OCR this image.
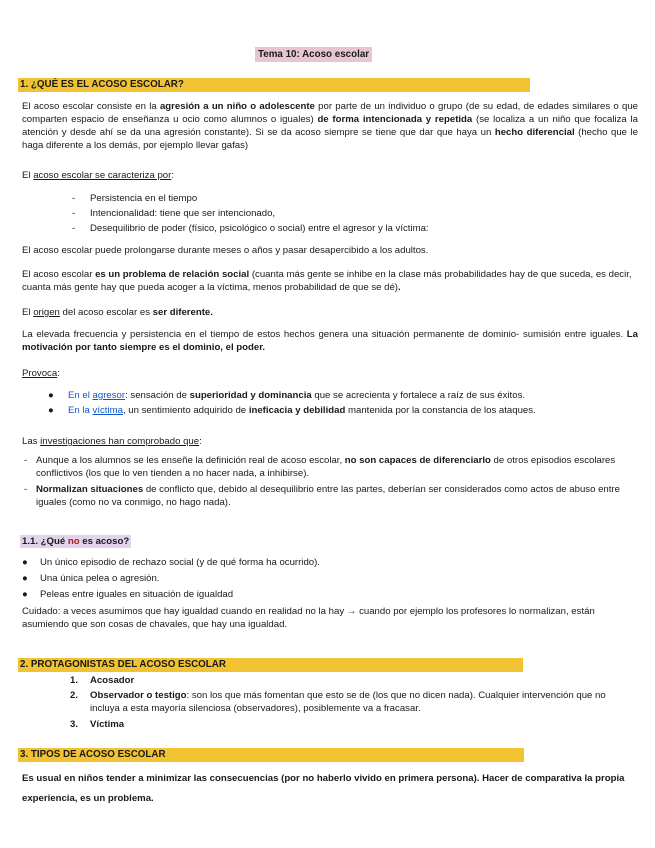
Tema 10: Acoso escolar
1. ¿QUÉ ES EL ACOSO ESCOLAR?
El acoso escolar consiste en la agresión a un niño o adolescente por parte de un individuo o grupo (de su edad, de edades similares o que comparten espacio de enseñanza u ocio como alumnos o iguales) de forma intencionada y repetida (se localiza a un niño que focaliza la atención y desde ahí se da una agresión constante). Si se da acoso siempre se tiene que dar que haya un hecho diferencial (hecho que le haga diferente a los demás, por ejemplo llevar gafas)
El acoso escolar se caracteriza por:
- Persistencia en el tiempo
- Intencionalidad: tiene que ser intencionado,
- Desequilibrio de poder (físico, psicológico o social) entre el agresor y la víctima:
El acoso escolar puede prolongarse durante meses o años y pasar desapercibido a los adultos.
El acoso escolar es un problema de relación social (cuanta más gente se inhibe en la clase más probabilidades hay de que suceda, es decir, cuanta más gente hay que pueda acoger a la víctima, menos probabilidad de que se dé).
El origen del acoso escolar es ser diferente.
La elevada frecuencia y persistencia en el tiempo de estos hechos genera una situación permanente de dominio- sumisión entre iguales. La motivación por tanto siempre es el dominio, el poder.
Provoca:
● En el agresor: sensación de superioridad y dominancia que se acrecienta y fortalece a raíz de sus éxitos.
● En la víctima, un sentimiento adquirido de ineficacia y debilidad mantenida por la constancia de los ataques.
Las investigaciones han comprobado que:
- Aunque a los alumnos se les enseñe la definición real de acoso escolar, no son capaces de diferenciarlo de otros episodios escolares conflictivos (los que lo ven tienden a no hacer nada, a inhibirse).
- Normalizan situaciones de conflicto que, debido al desequilibrio entre las partes, deberían ser considerados como actos de abuso entre iguales (como no va conmigo, no hago nada).
1.1. ¿Qué no es acoso?
● Un único episodio de rechazo social (y de qué forma ha ocurrido).
● Una única pelea o agresión.
● Peleas entre iguales en situación de igualdad
Cuidado: a veces asumimos que hay igualdad cuando en realidad no la hay → cuando por ejemplo los profesores lo normalizan, están asumiendo que son cosas de chavales, que hay una igualdad.
2. PROTAGONISTAS DEL ACOSO ESCOLAR
1. Acosador
2. Observador o testigo: son los que más fomentan que esto se de (los que no dicen nada). Cualquier intervención que no incluya a esta mayoría silenciosa (observadores), posiblemente va a fracasar.
3. Víctima
3. TIPOS DE ACOSO ESCOLAR
Es usual en niños tender a minimizar las consecuencias (por no haberlo vivido en primera persona). Hacer de comparativa la propia experiencia, es un problema.
